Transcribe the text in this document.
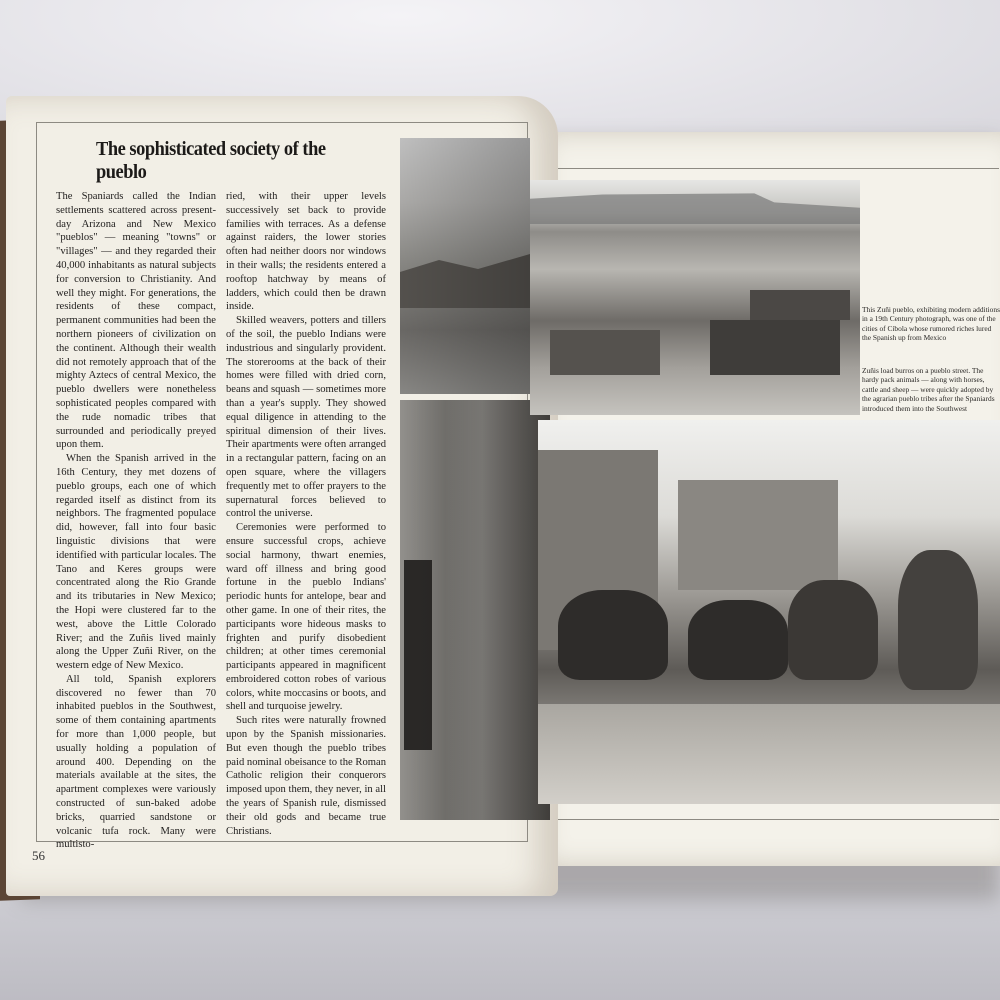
56
The sophisticated society of the pueblo

The Spaniards called the Indian settlements scattered across present-day Arizona and New Mexico "pueblos" — meaning "towns" or "villages" — and they regarded their 40,000 inhabitants as natural subjects for conversion to Christianity. And well they might. For generations, the residents of these compact, permanent communities had been the northern pioneers of civilization on the continent. Although their wealth did not remotely approach that of the mighty Aztecs of central Mexico, the pueblo dwellers were nonetheless sophisticated peoples compared with the rude nomadic tribes that surrounded and periodically preyed upon them.

When the Spanish arrived in the 16th Century, they met dozens of pueblo groups, each one of which regarded itself as distinct from its neighbors. The fragmented populace did, however, fall into four basic linguistic divisions that were identified with particular locales. The Tano and Keres groups were concentrated along the Rio Grande and its tributaries in New Mexico; the Hopi were clustered far to the west, above the Little Colorado River; and the Zuñis lived mainly along the Upper Zuñi River, on the western edge of New Mexico.

All told, Spanish explorers discovered no fewer than 70 inhabited pueblos in the Southwest, some of them containing apartments for more than 1,000 people, but usually holding a population of around 400. Depending on the materials available at the sites, the apartment complexes were variously constructed of sun-baked adobe bricks, quarried sandstone or volcanic tufa rock. Many were multisto-

ried, with their upper levels successively set back to provide families with terraces. As a defense against raiders, the lower stories often had neither doors nor windows in their walls; the residents entered a rooftop hatchway by means of ladders, which could then be drawn inside.

Skilled weavers, potters and tillers of the soil, the pueblo Indians were industrious and singularly provident. The storerooms at the back of their homes were filled with dried corn, beans and squash — sometimes more than a year's supply. They showed equal diligence in attending to the spiritual dimension of their lives. Their apartments were often arranged in a rectangular pattern, facing on an open square, where the villagers frequently met to offer prayers to the supernatural forces believed to control the universe.

Ceremonies were performed to ensure successful crops, achieve social harmony, thwart enemies, ward off illness and bring good fortune in the pueblo Indians' periodic hunts for antelope, bear and other game. In one of their rites, the participants wore hideous masks to frighten and purify disobedient children; at other times ceremonial participants appeared in magnificent embroidered cotton robes of various colors, white moccasins or boots, and shell and turquoise jewelry.

Such rites were naturally frowned upon by the Spanish missionaries. But even though the pueblo tribes paid nominal obeisance to the Roman Catholic religion their conquerors imposed upon them, they never, in all the years of Spanish rule, dismissed their old gods and became true Christians.

This Zuñi pueblo, exhibiting modern additions in a 19th Century photograph, was one of the cities of Cíbola whose rumored riches lured the Spanish up from Mexico
Zuñis load burros on a pueblo street. The hardy pack animals — along with horses, cattle and sheep — were quickly adopted by the agrarian pueblo tribes after the Spaniards introduced them into the Southwest
